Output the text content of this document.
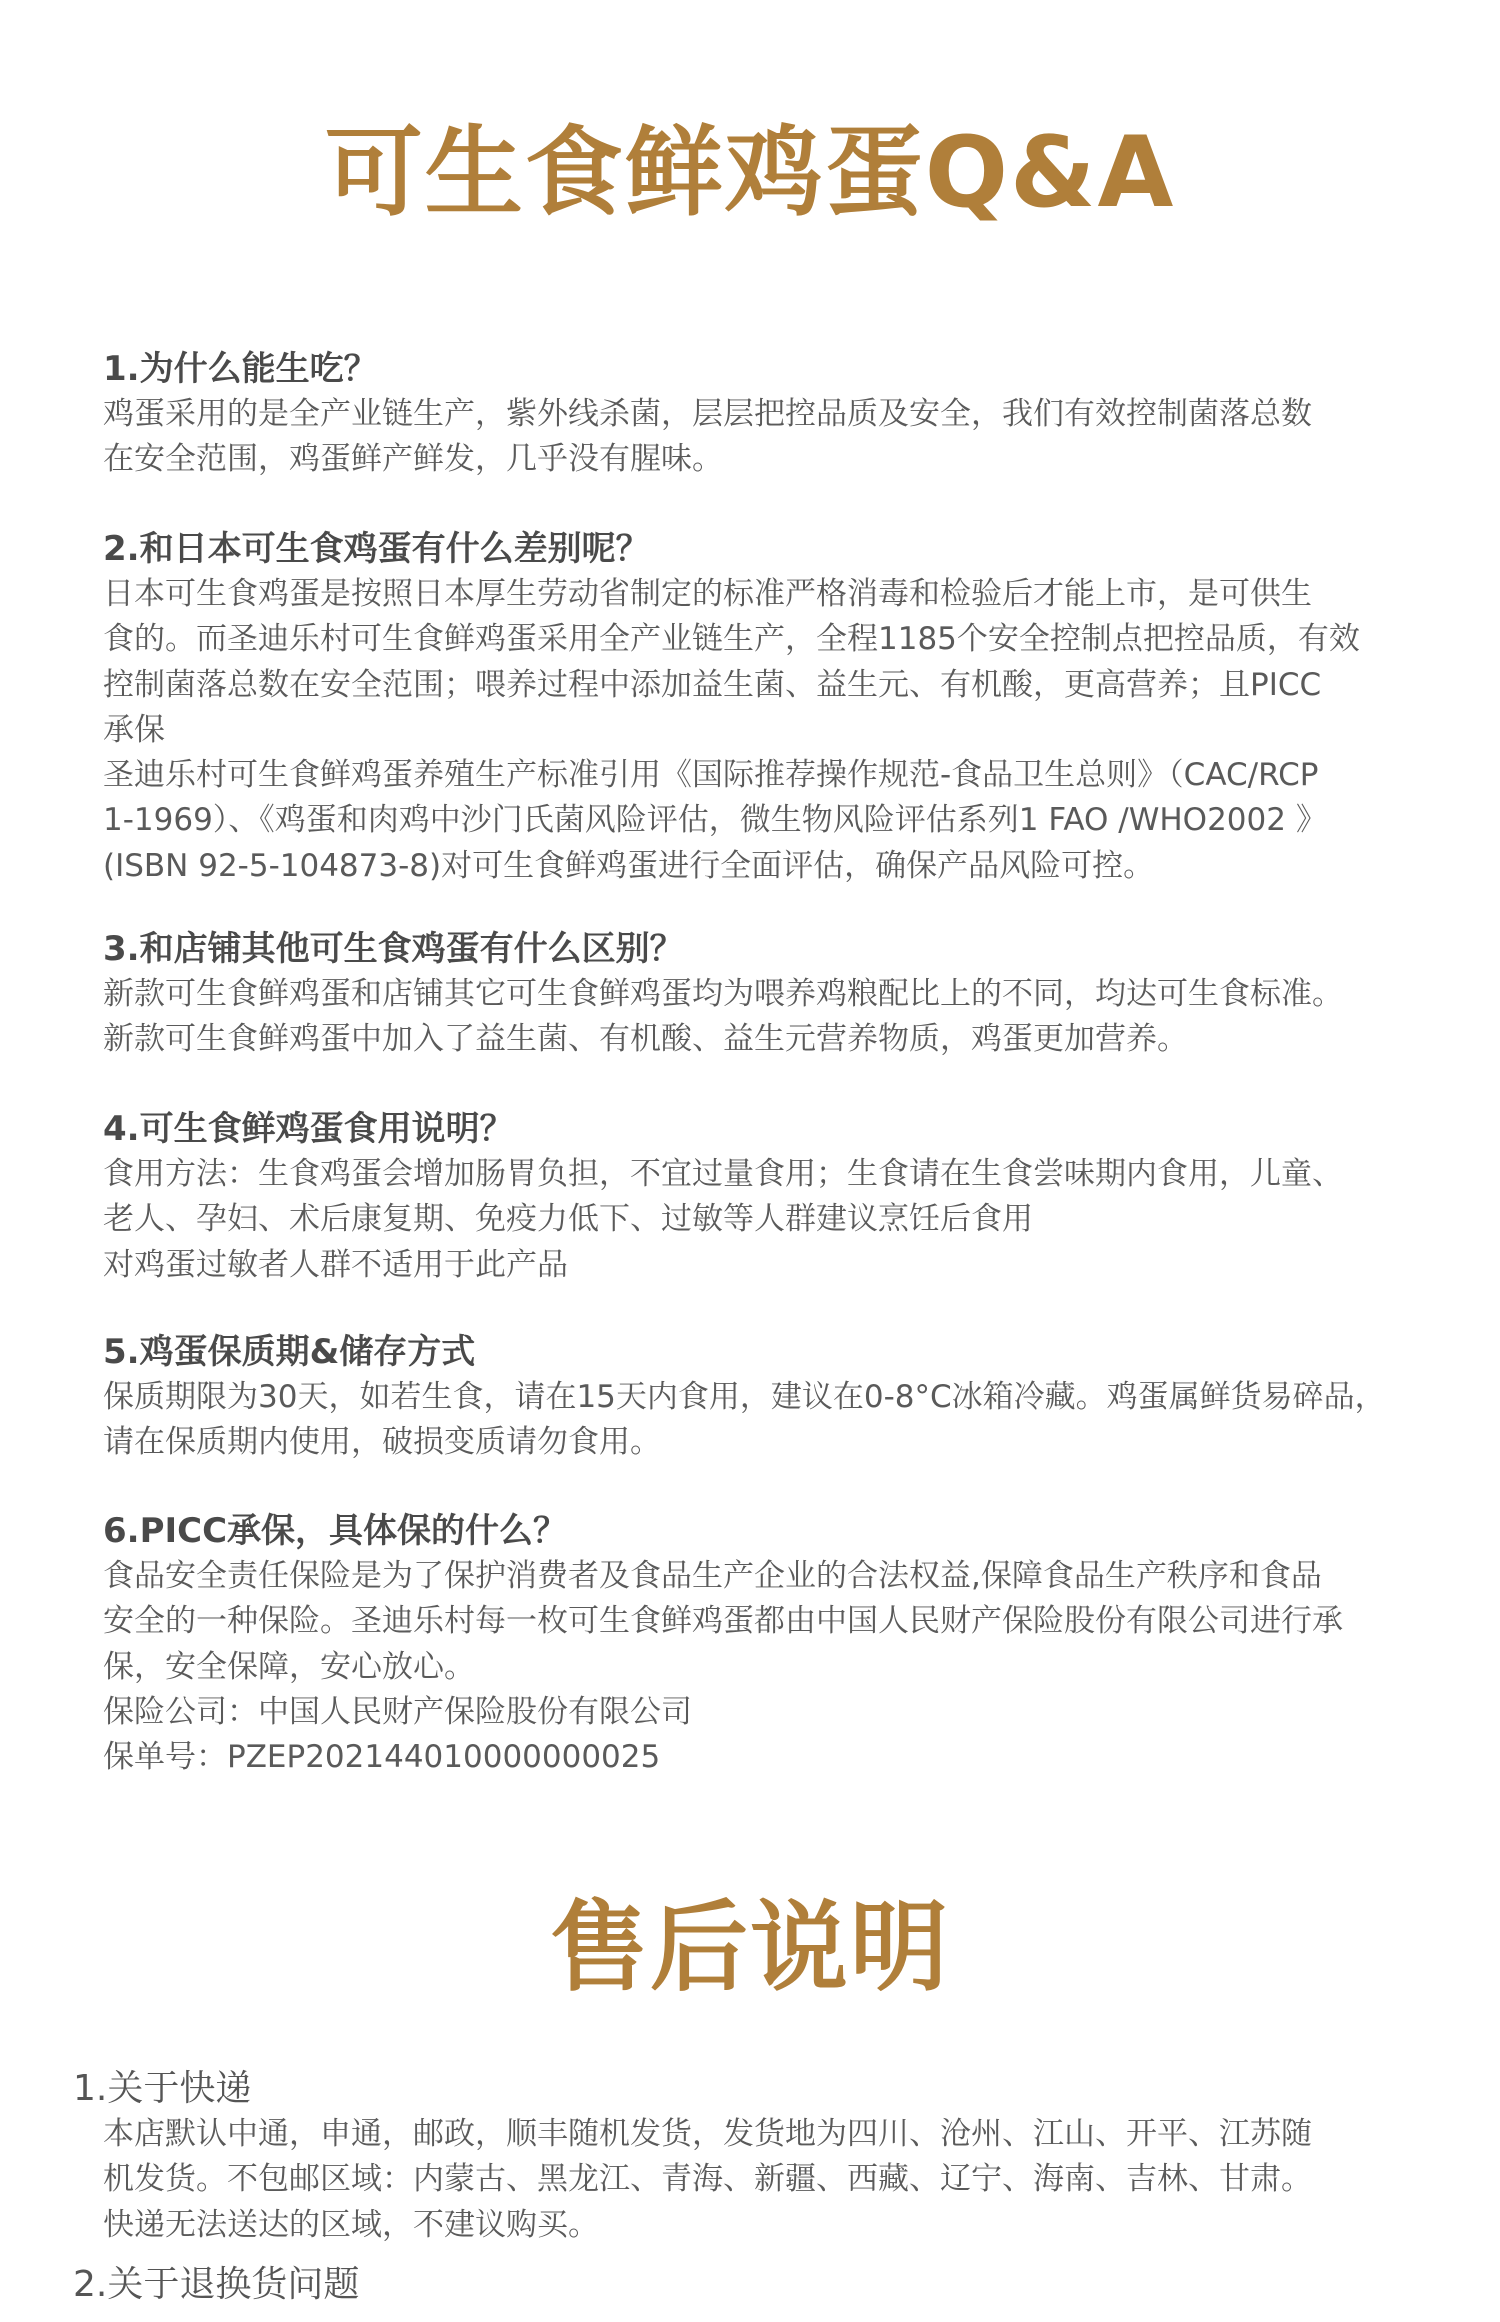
可生食鲜鸡蛋Q&A
1.为什么能生吃？

鸡蛋采用的是全产业链生产，紫外线杀菌，层层把控品质及安全，我们有效控制菌落总数

在安全范围，鸡蛋鲜产鲜发，几乎没有腥味。

2.和日本可生食鸡蛋有什么差别呢？

日本可生食鸡蛋是按照日本厚生劳动省制定的标准严格消毒和检验后才能上市，是可供生

食的。而圣迪乐村可生食鲜鸡蛋采用全产业链生产，全程1185个安全控制点把控品质，有效

控制菌落总数在安全范围；喂养过程中添加益生菌、益生元、有机酸，更高营养；且PICC

承保

圣迪乐村可生食鲜鸡蛋养殖生产标准引用《国际推荐操作规范-食品卫生总则》（CAC/RCP

1-1969）、《鸡蛋和肉鸡中沙门氏菌风险评估，微生物风险评估系列1 FAO /WHO2002 》

(ISBN 92-5-104873-8)对可生食鲜鸡蛋进行全面评估，确保产品风险可控。

3.和店铺其他可生食鸡蛋有什么区别？

新款可生食鲜鸡蛋和店铺其它可生食鲜鸡蛋均为喂养鸡粮配比上的不同，均达可生食标准。

新款可生食鲜鸡蛋中加入了益生菌、有机酸、益生元营养物质，鸡蛋更加营养。

4.可生食鲜鸡蛋食用说明？

食用方法：生食鸡蛋会增加肠胃负担，不宜过量食用；生食请在生食尝味期内食用，儿童、

老人、孕妇、术后康复期、免疫力低下、过敏等人群建议烹饪后食用

对鸡蛋过敏者人群不适用于此产品

5.鸡蛋保质期&储存方式

保质期限为30天，如若生食，请在15天内食用，建议在0-8°C冰箱冷藏。鸡蛋属鲜货易碎品，

请在保质期内使用，破损变质请勿食用。

6.PICC承保，具体保的什么？

食品安全责任保险是为了保护消费者及食品生产企业的合法权益,保障食品生产秩序和食品

安全的一种保险。圣迪乐村每一枚可生食鲜鸡蛋都由中国人民财产保险股份有限公司进行承

保，安全保障，安心放心。

保险公司：中国人民财产保险股份有限公司

保单号：PZEP202144010000000025

售后说明
1.关于快递

本店默认中通，申通，邮政，顺丰随机发货，发货地为四川、沧州、江山、开平、江苏随

机发货。不包邮区域：内蒙古、黑龙江、青海、新疆、西藏、辽宁、海南、吉林、甘肃。

快递无法送达的区域，不建议购买。

2.关于退换货问题
